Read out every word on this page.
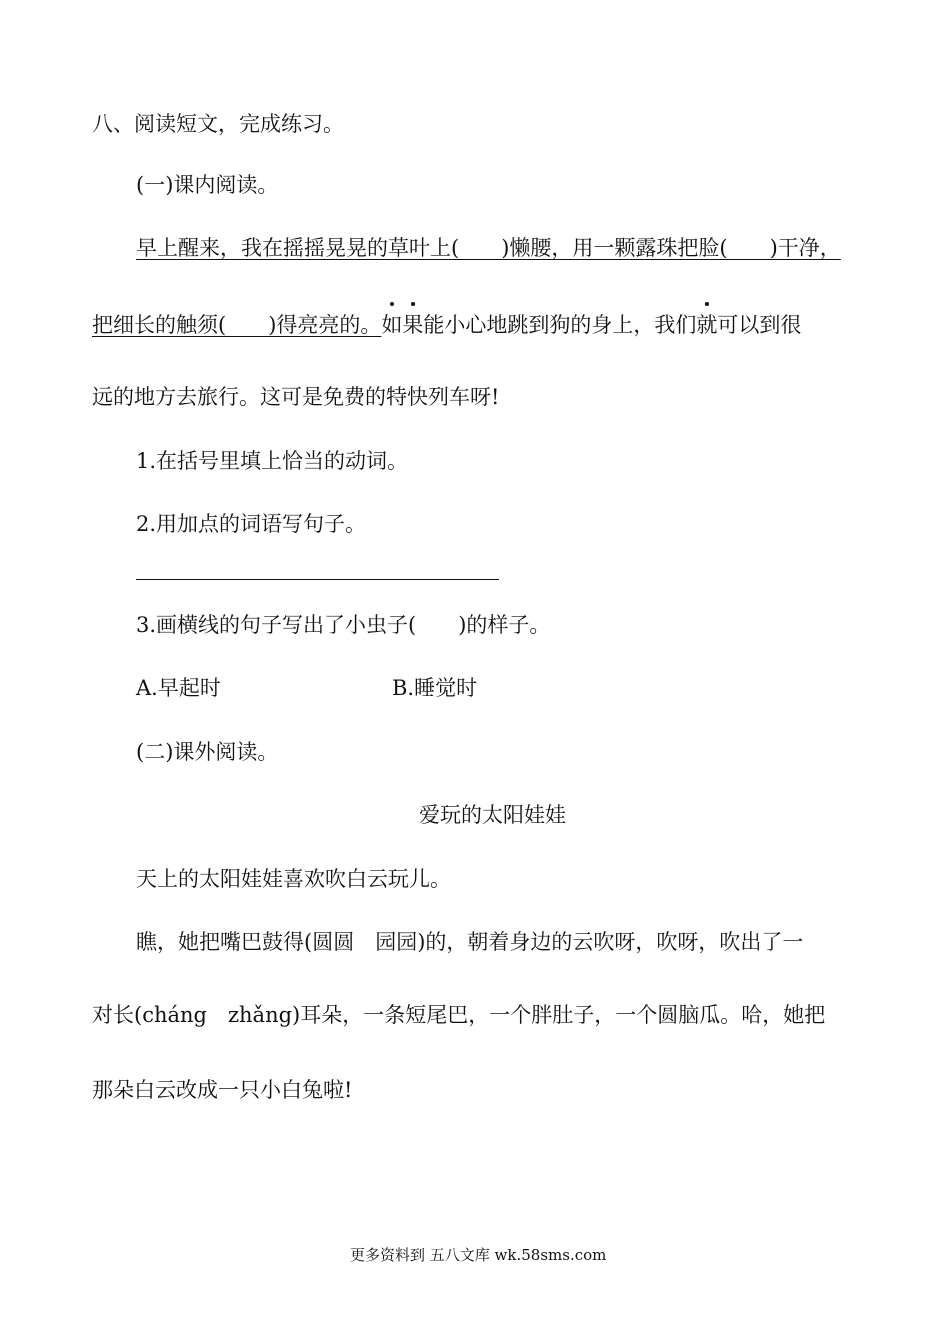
八、阅读短文，完成练习。
(一)课内阅读。
早上醒来，我在摇摇晃晃的草叶上(　　)懒腰，用一颗露珠把脸(　　)干净，
把细长的触须(　　)得亮亮的。如果能小心地跳到狗的身上，我们就可以到很
远的地方去旅行。这可是免费的特快列车呀!
1.在括号里填上恰当的动词。
2.用加点的词语写句子。
3.画横线的句子写出了小虫子(　　)的样子。
A.早起时	B.睡觉时
(二)课外阅读。
爱玩的太阳娃娃
天上的太阳娃娃喜欢吹白云玩儿。
瞧，她把嘴巴鼓得(圆圆　园园)的，朝着身边的云吹呀，吹呀，吹出了一
对长(cháng　zhǎng)耳朵，一条短尾巴，一个胖肚子，一个圆脑瓜。哈，她把
那朵白云改成一只小白兔啦!
更多资料到 五八文库 wk.58sms.com
